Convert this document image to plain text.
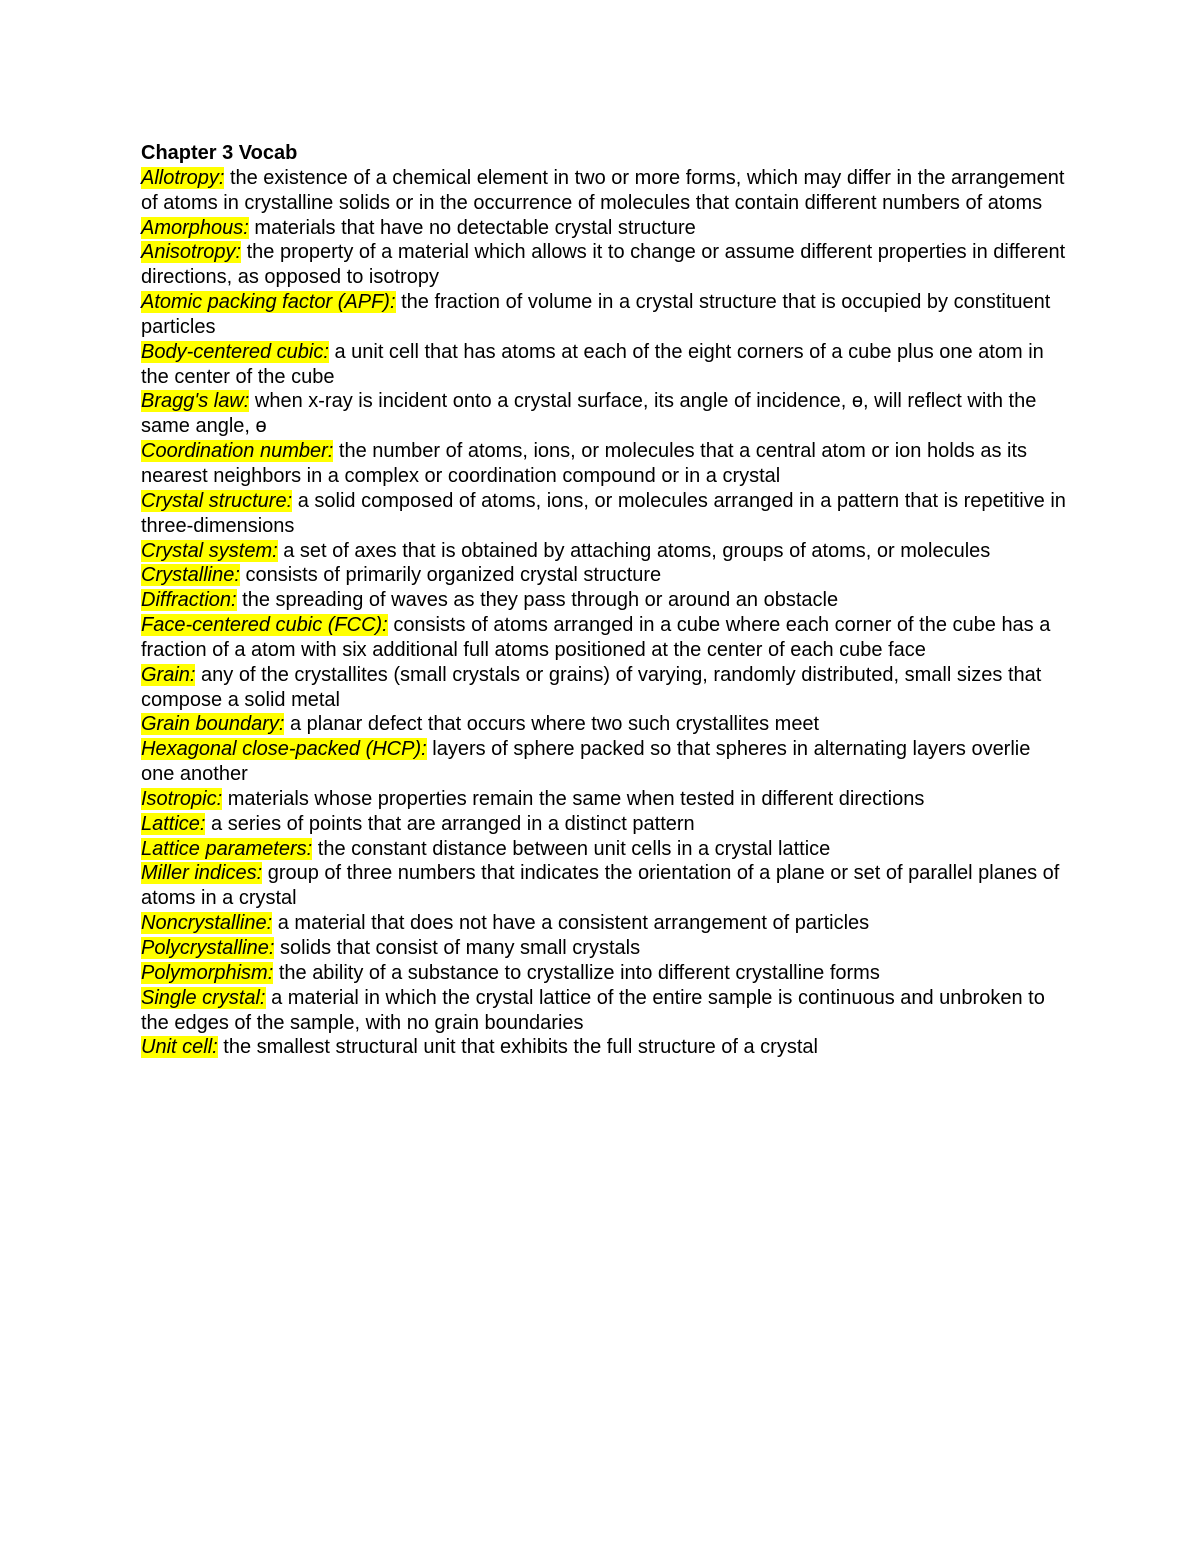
Chapter 3 Vocab

Allotropy: the existence of a chemical element in two or more forms, which may differ in the arrangement of atoms in crystalline solids or in the occurrence of molecules that contain different numbers of atoms

Amorphous: materials that have no detectable crystal structure

Anisotropy: the property of a material which allows it to change or assume different properties in different directions, as opposed to isotropy

Atomic packing factor (APF): the fraction of volume in a crystal structure that is occupied by constituent particles

Body-centered cubic: a unit cell that has atoms at each of the eight corners of a cube plus one atom in the center of the cube

Bragg's law: when x-ray is incident onto a crystal surface, its angle of incidence, ɵ, will reflect with the same angle, ɵ

Coordination number: the number of atoms, ions, or molecules that a central atom or ion holds as its nearest neighbors in a complex or coordination compound or in a crystal

Crystal structure: a solid composed of atoms, ions, or molecules arranged in a pattern that is repetitive in three-dimensions

Crystal system: a set of axes that is obtained by attaching atoms, groups of atoms, or molecules

Crystalline: consists of primarily organized crystal structure

Diffraction: the spreading of waves as they pass through or around an obstacle

Face-centered cubic (FCC): consists of atoms arranged in a cube where each corner of the cube has a fraction of a atom with six additional full atoms positioned at the center of each cube face

Grain: any of the crystallites (small crystals or grains) of varying, randomly distributed, small sizes that compose a solid metal

Grain boundary: a planar defect that occurs where two such crystallites meet

Hexagonal close-packed (HCP): layers of sphere packed so that spheres in alternating layers overlie one another

Isotropic: materials whose properties remain the same when tested in different directions

Lattice: a series of points that are arranged in a distinct pattern

Lattice parameters: the constant distance between unit cells in a crystal lattice

Miller indices: group of three numbers that indicates the orientation of a plane or set of parallel planes of atoms in a crystal

Noncrystalline: a material that does not have a consistent arrangement of particles

Polycrystalline: solids that consist of many small crystals

Polymorphism: the ability of a substance to crystallize into different crystalline forms

Single crystal: a material in which the crystal lattice of the entire sample is continuous and unbroken to the edges of the sample, with no grain boundaries

Unit cell: the smallest structural unit that exhibits the full structure of a crystal
